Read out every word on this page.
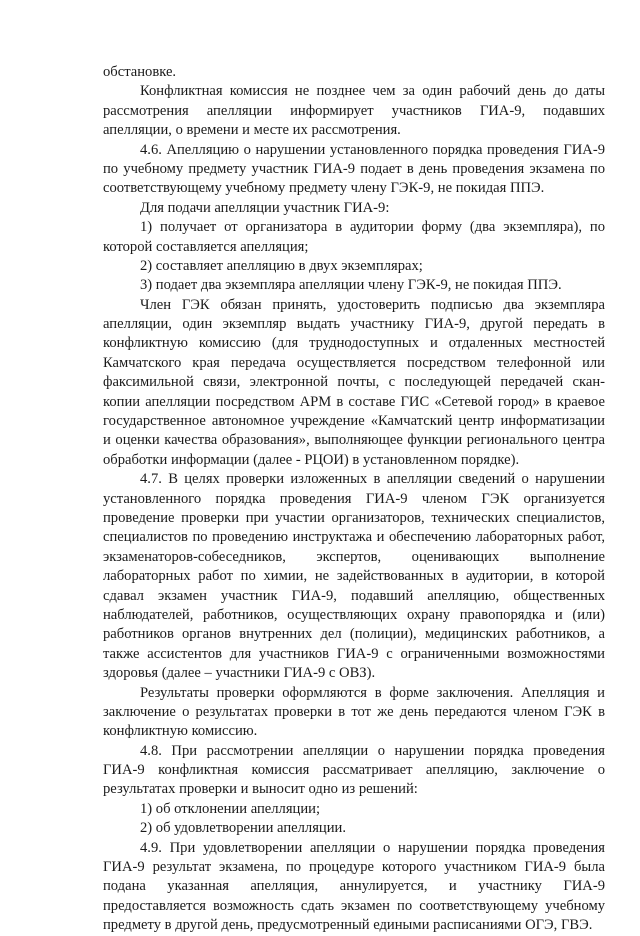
обстановке.
Конфликтная комиссия не позднее чем за один рабочий день до даты
рассмотрения апелляции информирует участников ГИА-9, подавших
апелляции, о времени и месте их рассмотрения.
4.6. Апелляцию о нарушении установленного порядка проведения ГИА-9
по учебному предмету участник ГИА-9 подает в день проведения экзамена по
соответствующему учебному предмету члену ГЭК-9, не покидая ППЭ.
Для подачи апелляции участник ГИА-9:
1) получает от организатора в аудитории форму (два экземпляра), по
которой составляется апелляция;
2) составляет апелляцию в двух экземплярах;
3) подает два экземпляра апелляции члену ГЭК-9, не покидая ППЭ.
Член ГЭК обязан принять, удостоверить подписью два экземпляра
апелляции, один экземпляр выдать участнику ГИА-9, другой передать в
конфликтную комиссию (для труднодоступных и отдаленных местностей
Камчатского края передача осуществляется посредством телефонной или
факсимильной связи, электронной почты, с последующей передачей скан-
копии апелляции посредством АРМ в составе ГИС «Сетевой город» в краевое
государственное автономное учреждение «Камчатский центр информатизации
и оценки качества образования», выполняющее функции регионального центра
обработки информации (далее - РЦОИ) в установленном порядке).
4.7. В целях проверки изложенных в апелляции сведений о нарушении
установленного порядка проведения ГИА-9 членом ГЭК организуется
проведение проверки при участии организаторов, технических специалистов,
специалистов по проведению инструктажа и обеспечению лабораторных работ,
экзаменаторов-собеседников, экспертов, оценивающих выполнение
лабораторных работ по химии, не задействованных в аудитории, в которой
сдавал экзамен участник ГИА-9, подавший апелляцию, общественных
наблюдателей, работников, осуществляющих охрану правопорядка и (или)
работников органов внутренних дел (полиции), медицинских работников, а
также ассистентов для участников ГИА-9 с ограниченными возможностями
здоровья (далее – участники ГИА-9 с ОВЗ).
Результаты проверки оформляются в форме заключения. Апелляция и
заключение о результатах проверки в тот же день передаются членом ГЭК в
конфликтную комиссию.
4.8. При рассмотрении апелляции о нарушении порядка проведения
ГИА-9 конфликтная комиссия рассматривает апелляцию, заключение о
результатах проверки и выносит одно из решений:
1) об отклонении апелляции;
2) об удовлетворении апелляции.
4.9. При удовлетворении апелляции о нарушении порядка проведения
ГИА-9 результат экзамена, по процедуре которого участником ГИА-9 была
подана указанная апелляция, аннулируется, и участнику ГИА-9
предоставляется возможность сдать экзамен по соответствующему учебному
предмету в другой день, предусмотренный едиными расписаниями ОГЭ, ГВЭ.
